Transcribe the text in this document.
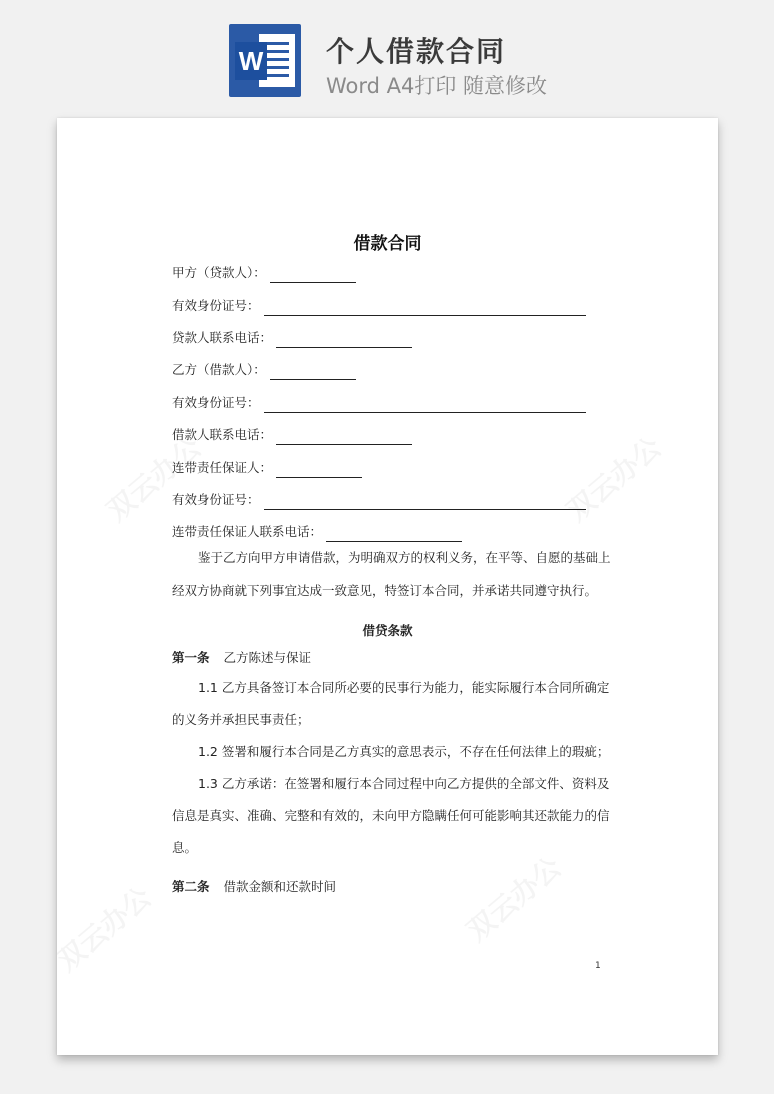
W 个人借款合同
Word A4打印 随意修改
借款合同
甲方（贷款人）：
有效身份证号：
贷款人联系电话：
乙方（借款人）：
有效身份证号：
借款人联系电话：
连带责任保证人：
有效身份证号：
连带责任保证人联系电话：
鉴于乙方向甲方申请借款，为明确双方的权利义务，在平等、自愿的基础上
经双方协商就下列事宜达成一致意见，特签订本合同，并承诺共同遵守执行。
借贷条款
第一条 乙方陈述与保证
1.1 乙方具备签订本合同所必要的民事行为能力，能实际履行本合同所确定
的义务并承担民事责任；
1.2 签署和履行本合同是乙方真实的意思表示，不存在任何法律上的瑕疵；
1.3 乙方承诺：在签署和履行本合同过程中向乙方提供的全部文件、资料及
信息是真实、准确、完整和有效的，未向甲方隐瞒任何可能影响其还款能力的信
息。
第二条 借款金额和还款时间
1
